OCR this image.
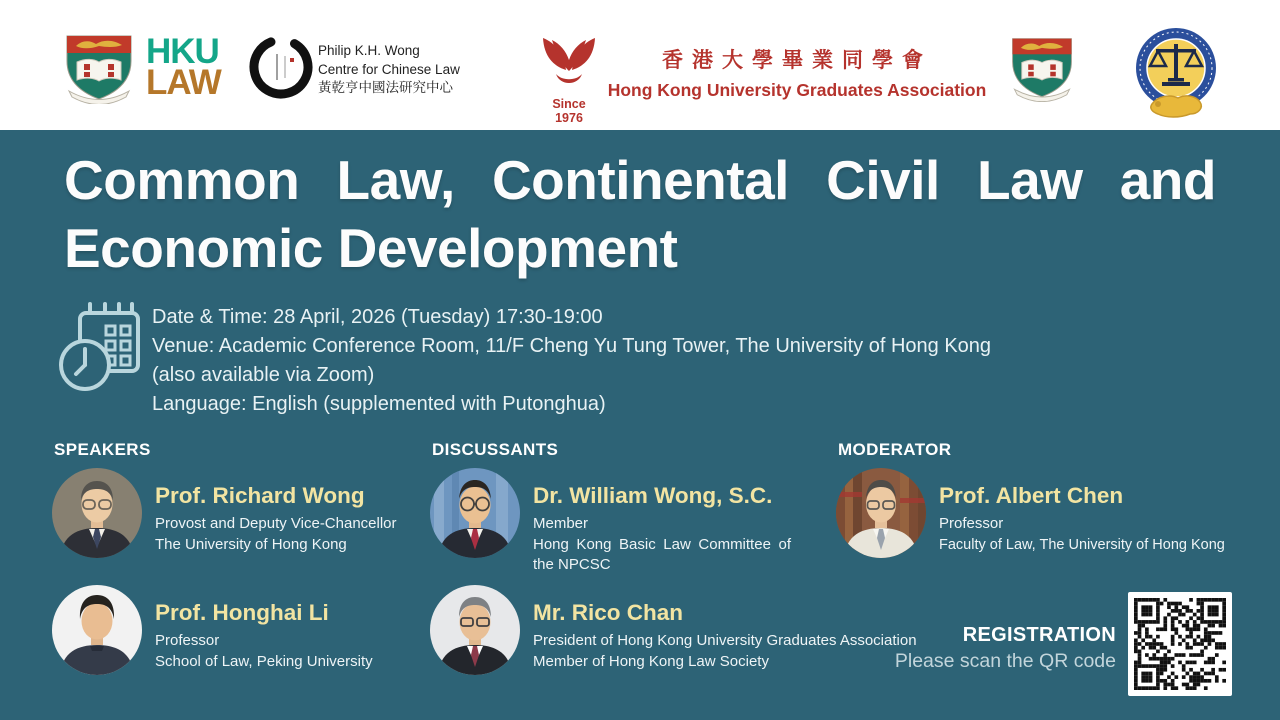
HKU
LAW
Philip K.H. Wong
Centre for Chinese Law
黃乾亨中國法研究中心
Since 1976
香港大學畢業同學會
Hong Kong University Graduates Association
Common Law, Continental Civil Law and
Economic Development
Date & Time: 28 April, 2026 (Tuesday) 17:30-19:00
Venue: Academic Conference Room, 11/F Cheng Yu Tung Tower, The University of Hong Kong
(also available via Zoom)
Language: English (supplemented with Putonghua)
SPEAKERS	DISCUSSANTS	MODERATOR
Prof. Richard Wong
Provost and Deputy Vice-Chancellor
The University of Hong Kong
Prof. Honghai Li
Professor
School of Law, Peking University
Dr. William Wong, S.C.
Member
Hong Kong Basic Law Committee of the NPCSC
Mr. Rico Chan
President of Hong Kong University Graduates Association
Member of Hong Kong Law Society
Prof. Albert Chen
Professor
Faculty of Law, The University of Hong Kong
REGISTRATION
Please scan the QR code
